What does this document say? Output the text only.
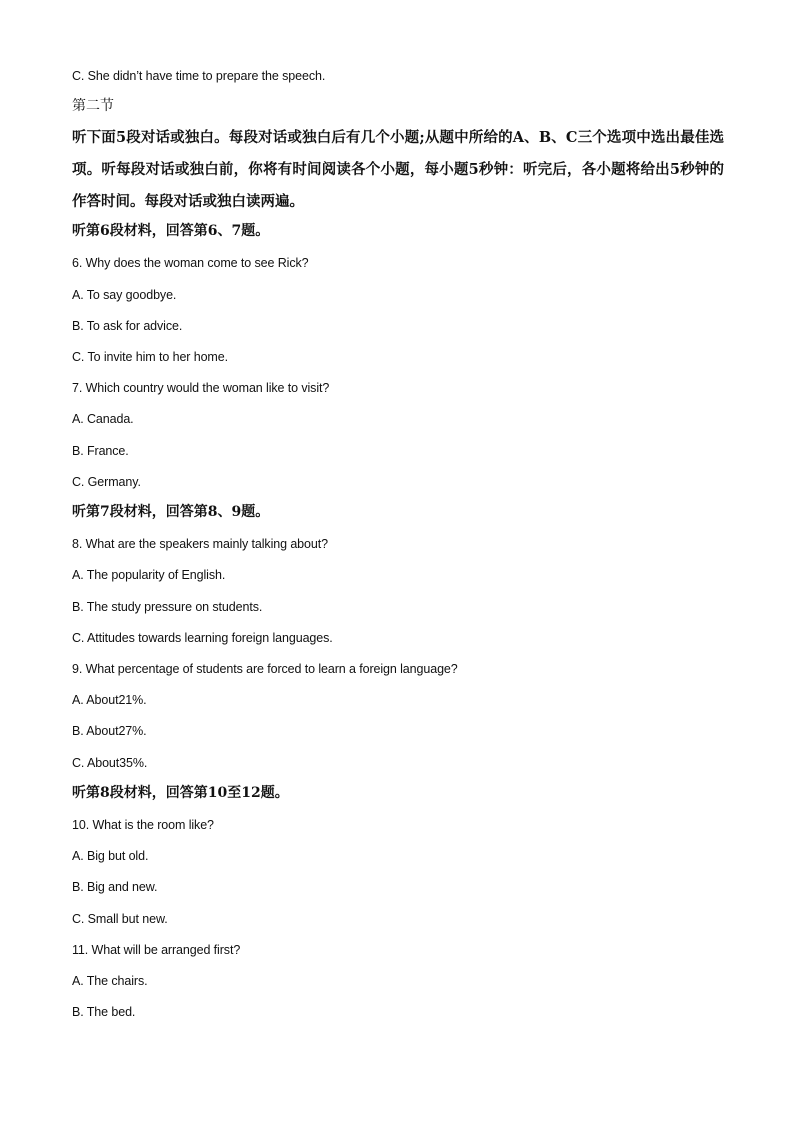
C. She didn’t have time to prepare the speech.
第二节
听下面5段对话或独白。每段对话或独白后有几个小题;从题中所给的A、B、C三个选项中选出最佳选项。听每段对话或独白前，你将有时间阅读各个小题，每小题5秒钟：听完后，各小题将给出5秒钟的作答时间。每段对话或独白读两遍。
听第6段材料，回答第6、7题。
6. Why does the woman come to see Rick?
A. To say goodbye.
B. To ask for advice.
C. To invite him to her home.
7. Which country would the woman like to visit?
A. Canada.
B. France.
C. Germany.
听第7段材料，回答第8、9题。
8. What are the speakers mainly talking about?
A. The popularity of English.
B. The study pressure on students.
C. Attitudes towards learning foreign languages.
9. What percentage of students are forced to learn a foreign language?
A. About21%.
B. About27%.
C. About35%.
听第8段材料，回答第10至12题。
10. What is the room like?
A. Big but old.
B. Big and new.
C. Small but new.
11. What will be arranged first?
A. The chairs.
B. The bed.
